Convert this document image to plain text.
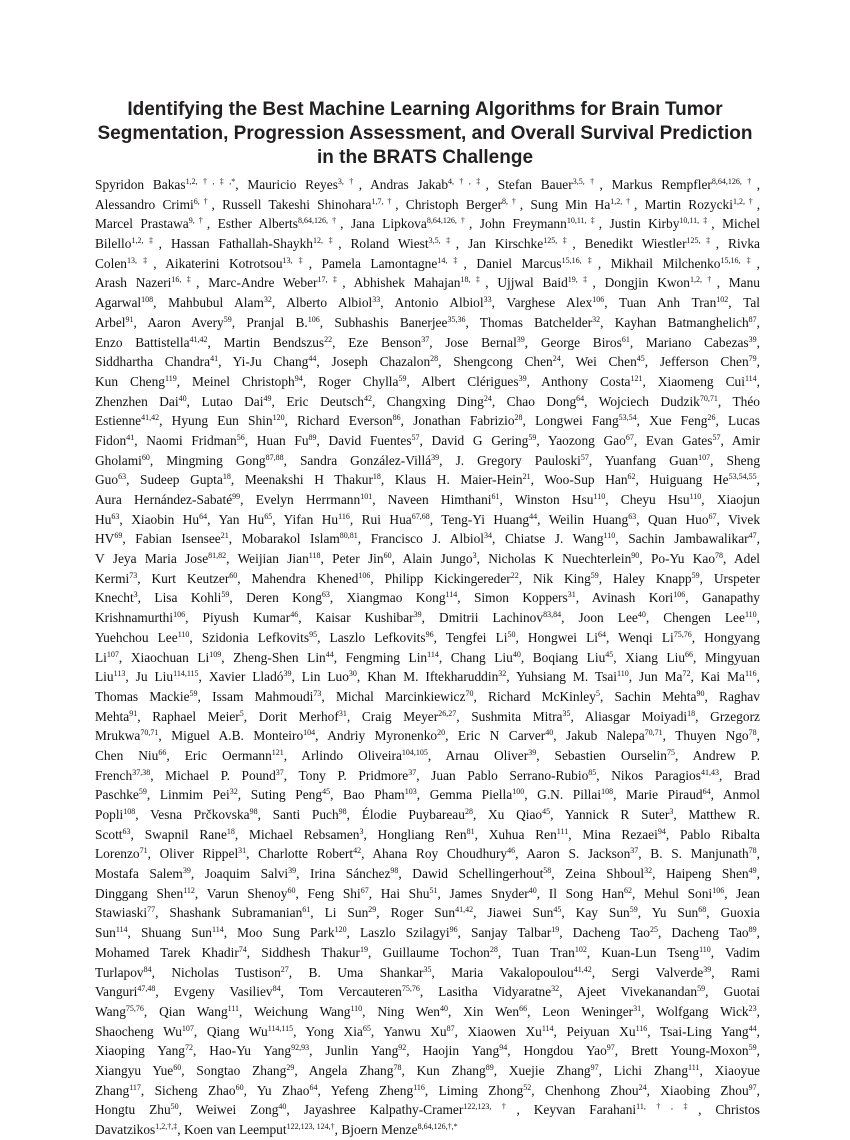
Identifying the Best Machine Learning Algorithms for Brain Tumor
Segmentation, Progression Assessment, and Overall Survival Prediction
in the BRATS Challenge
Spyridon Bakas$^{1,2,\dagger,\ddagger,*}$, Mauricio Reyes$^{3,\dagger}$, Andras Jakab$^{4,\dagger,\ddagger}$, Stefan Bauer$^{3,5,\dagger}$, Markus Rempfler$^{8,64,126,\dagger}$,
Alessandro Crimi$^{6,\dagger}$, Russell Takeshi Shinohara$^{1,7,\dagger}$, Christoph Berger$^{8,\dagger}$, Sung Min $Ha^{1,2,\dagger}$, Martin Rozycki$^{1,2,\dagger}$,
Marcel Prastawa$^{9,\dagger}$, Esther Alberts$^{8,64,126,\dagger}$, Jana Lipkova$^{8,64,126,\dagger}$, John Freymann$^{10,11,\ddagger}$, Justin Kirby$^{10,11,\ddagger}$, Michel
Bilello$^{1,2,\ddagger}$, Hassan Fathallah-Shaykh$^{12,\ddagger}$, Roland Wiest$^{3,5,\ddagger}$, Jan Kirschke$^{125,\ddagger}$, Benedikt Wiestler$^{125,\ddagger}$, Rivka
Colen$^{13,\ddagger}$, Aikaterini Kotrotsou$^{13,\ddagger}$, Pamela Lamontagne$^{14,\ddagger}$, Daniel Marcus$^{15,16,\ddagger}$, Mikhail Milchenko$^{15,16,\ddagger}$,
Arash Nazeri$^{16,\ddagger}$, Marc-Andre Weber$^{17,\ddagger}$, Abhishek Mahajan$^{18,\ddagger}$, Ujjwal Baid$^{19,\ddagger}$, Dongjin Kwon$^{1,2,\dagger}$, Manu
Agarwal$^{108}$, Mahbubul Alam$^{32}$, Alberto Albiol$^{33}$, Antonio Albiol$^{33}$, Varghese Alex$^{106}$, Tuan Anh Tran$^{102}$, Tal
Arbel$^{91}$, Aaron Avery$^{59}$, Pranjal B.$^{106}$, Subhashis Banerjee$^{35,36}$, Thomas Batchelder$^{32}$, Kayhan Batmanghelich$^{87}$,
Enzo Battistella$^{41,42}$, Martin Bendszus$^{22}$, Eze Benson$^{37}$, Jose Bernal$^{39}$, George Biros$^{61}$, Mariano Cabezas$^{39}$,
Siddhartha Chandra$^{41}$, Yi-Ju Chang$^{44}$, Joseph Chazalon$^{28}$, Shengcong Chen$^{24}$, Wei Chen$^{45}$, Jefferson Chen$^{79}$,
Kun Cheng$^{119}$, Meinel Christoph$^{94}$, Roger Chylla$^{59}$, Albert Clérigues$^{39}$, Anthony Costa$^{121}$, Xiaomeng Cui$^{114}$,
Zhenzhen Dai$^{40}$, Lutao Dai$^{49}$, Eric Deutsch$^{42}$, Changxing Ding$^{24}$, Chao Dong$^{64}$, Wojciech Dudzik$^{70,71}$, Théo
Estienne$^{41,42}$, Hyung Eun Shin$^{120}$, Richard Everson$^{86}$, Jonathan Fabrizio$^{28}$, Longwei Fang$^{53,54}$, Xue Feng$^{26}$, Lucas
Fidon$^{41}$, Naomi Fridman$^{56}$, Huan Fu$^{89}$, David Fuentes$^{57}$, David G Gering$^{59}$, Yaozong Gao$^{67}$, Evan Gates$^{57}$, Amir
Gholami$^{60}$, Mingming Gong$^{87,88}$, Sandra González-Villá$^{39}$, J. Gregory Pauloski$^{57}$, Yuanfang Guan$^{107}$, Sheng
Guo$^{63}$, Sudeep Gupta$^{18}$, Meenakshi H Thakur$^{18}$, Klaus H. Maier-Hein$^{21}$, Woo-Sup Han$^{62}$, Huiguang He$^{53,54,55}$,
Aura Hernández-Sabaté$^{99}$, Evelyn Herrmann$^{101}$, Naveen Himthani$^{61}$, Winston Hsu$^{110}$, Cheyu Hsu$^{110}$, Xiaojun
Hu$^{63}$, Xiaobin Hu$^{64}$, Yan Hu$^{65}$, Yifan Hu$^{116}$, Rui Hua$^{67,68}$, Teng-Yi Huang$^{44}$, Weilin Huang$^{63}$, Quan Huo$^{67}$, Vivek
HV$^{69}$, Fabian Isensee$^{21}$, Mobarakol Islam$^{80,81}$, Francisco J. Albiol$^{34}$, Chiatse J. Wang$^{110}$, Sachin Jambawalikar$^{47}$,
V Jeya Maria Jose$^{81,82}$, Weijian Jian$^{118}$, Peter Jin$^{60}$, Alain Jungo$^3$, Nicholas K Nuechterlein$^{90}$, Po-Yu Kao$^{78}$, Adel
Kermi$^{73}$, Kurt Keutzer$^{60}$, Mahendra Khened$^{106}$, Philipp Kickingereder$^{22}$, Nik King$^{59}$, Haley Knapp$^{59}$, Urspeter
Knecht$^3$, Lisa Kohli$^{59}$, Deren Kong$^{63}$, Xiangmao Kong$^{114}$, Simon Koppers$^{31}$, Avinash Kori$^{106}$, Ganapathy
Krishnamurthi$^{106}$, Piyush Kumar$^{46}$, Kaisar Kushibar$^{39}$, Dmitrii Lachinov$^{83,84}$, Joon Lee$^{40}$, Chengen Lee$^{110}$,
Yuehchou Lee$^{110}$, Szidonia Lefkovits$^{95}$, Laszlo Lefkovits$^{96}$, Tengfei Li$^{50}$, Hongwei Li$^{64}$, Wenqi Li$^{75,76}$, Hongyang
Li$^{107}$, Xiaochuan Li$^{109}$, Zheng-Shen Lin$^{44}$, Fengming Lin$^{114}$, Chang Liu$^{40}$, Boqiang Liu$^{45}$, Xiang Liu$^{66}$, Mingyuan
Liu$^{113}$, Ju Liu$^{114,115}$, Xavier Lladó$^{39}$, Lin Luo$^{30}$, Khan M. Iftekharuddin$^{32}$, Yuhsiang M. Tsai$^{110}$, Jun Ma$^{72}$, Kai Ma$^{116}$,
Thomas Mackie$^{59}$, Issam Mahmoudi$^{73}$, Michal Marcinkiewicz$^{70}$, Richard McKinley$^5$, Sachin Mehta$^{90}$, Raghav
Mehta$^{91}$, Raphael Meier$^5$, Dorit Merhof$^{31}$, Craig Meyer$^{26,27}$, Sushmita Mitra$^{35}$, Aliasgar Moiyadi$^{18}$, Grzegorz
Mrukwa$^{70,71}$, Miguel A.B. Monteiro$^{104}$, Andriy Myronenko$^{20}$, Eric N Carver$^{40}$, Jakub Nalepa$^{70,71}$, Thuyen Ngo$^{78}$,
Chen Niu$^{66}$, Eric Oermann$^{121}$, Arlindo Oliveira$^{104,105}$, Arnau Oliver$^{39}$, Sebastien Ourselin$^{75}$, Andrew P.
French$^{37,38}$, Michael P. Pound$^{37}$, Tony P. Pridmore$^{37}$, Juan Pablo Serrano-Rubio$^{85}$, Nikos Paragios$^{41,43}$, Brad
Paschke$^{59}$, Linmim Pei$^{32}$, Suting Peng$^{45}$, Bao Pham$^{103}$, Gemma Piella$^{100}$, G.N. Pillai$^{108}$, Marie Piraud$^{64}$, Anmol
Popli$^{108}$, Vesna Prčkovska$^{98}$, Santi Puch$^{98}$, Élodie Puybareau$^{28}$, Xu Qiao$^{45}$, Yannick R Suter$^3$, Matthew R.
Scott$^{63}$, Swapnil Rane$^{18}$, Michael Rebsamen$^3$, Hongliang Ren$^{81}$, Xuhua Ren$^{111}$, Mina Rezaei$^{94}$, Pablo Ribalta
Lorenzo$^{71}$, Oliver Rippel$^{31}$, Charlotte Robert$^{42}$, Ahana Roy Choudhury$^{46}$, Aaron S. Jackson$^{37}$, B. S. Manjunath$^{78}$,
Mostafa Salem$^{39}$, Joaquim Salvi$^{39}$, Irina Sánchez$^{98}$, Dawid Schellingerhout$^{58}$, Zeina Shboul$^{32}$, Haipeng Shen$^{49}$,
Dinggang Shen$^{112}$, Varun Shenoy$^{60}$, Feng Shi$^{67}$, Hai Shu$^{51}$, James Snyder$^{40}$, Il Song Han$^{62}$, Mehul Soni$^{106}$, Jean
Stawiaski$^{77}$, Shashank Subramanian$^{61}$, Li Sun$^{29}$, Roger Sun$^{41,42}$, Jiawei Sun$^{45}$, Kay Sun$^{59}$, Yu Sun$^{68}$, Guoxia
Sun$^{114}$, Shuang Sun$^{114}$, Moo Sung Park$^{120}$, Laszlo Szilagyi$^{96}$, Sanjay Talbar$^{19}$, Dacheng Tao$^{25}$, Dacheng Tao$^{89}$,
Mohamed Tarek Khadir$^{74}$, Siddhesh Thakur$^{19}$, Guillaume Tochon$^{28}$, Tuan Tran$^{102}$, Kuan-Lun Tseng$^{110}$, Vadim
Turlapov$^{84}$, Nicholas Tustison$^{27}$, B. Uma Shankar$^{35}$, Maria Vakalopoulou$^{41,42}$, Sergi Valverde$^{39}$, Rami
Vanguri$^{47,48}$, Evgeny Vasiliev$^{84}$, Tom Vercauteren$^{75,76}$, Lasitha Vidyaratne$^{32}$, Ajeet Vivekanandan$^{59}$, Guotai
Wang$^{75,76}$, Qian Wang$^{111}$, Weichung Wang$^{110}$, Ning Wen$^{40}$, Xin Wen$^{66}$, Leon Weninger$^{31}$, Wolfgang Wick$^{23}$,
Shaocheng Wu$^{107}$, Qiang Wu$^{114,115}$, Yong Xia$^{65}$, Yanwu Xu$^{87}$, Xiaowen Xu$^{114}$, Peiyuan Xu$^{116}$, Tsai-Ling Yang$^{44}$,
Xiaoping Yang$^{72}$, Hao-Yu Yang$^{92,93}$, Junlin Yang$^{92}$, Haojin Yang$^{94}$, Hongdou Yao$^{97}$, Brett Young-Moxon$^{59}$,
Xiangyu Yue$^{60}$, Songtao Zhang$^{29}$, Angela Zhang$^{78}$, Kun Zhang$^{89}$, Xuejie Zhang$^{97}$, Lichi Zhang$^{111}$, Xiaoyue
Zhang$^{117}$, Sicheng Zhao$^{60}$, Yu Zhao$^{64}$, Yefeng Zheng$^{116}$, Liming Zhong$^{52}$, Chenhong Zhou$^{24}$, Xiaobing Zhou$^{97}$,
Hongtu Zhu$^{50}$, Weiwei Zong$^{40}$, Jayashree Kalpathy-Cramer$^{122,123,\dagger}$, Keyvan Farahani$^{11,\dagger,\ddagger}$, Christos
Davatzikos$^{1,2,\dagger,\ddagger}$, Koen van Leemput$^{122,123, 124,\dagger}$, Bjoern Menze$^{8,64,126,\dagger,*}$
